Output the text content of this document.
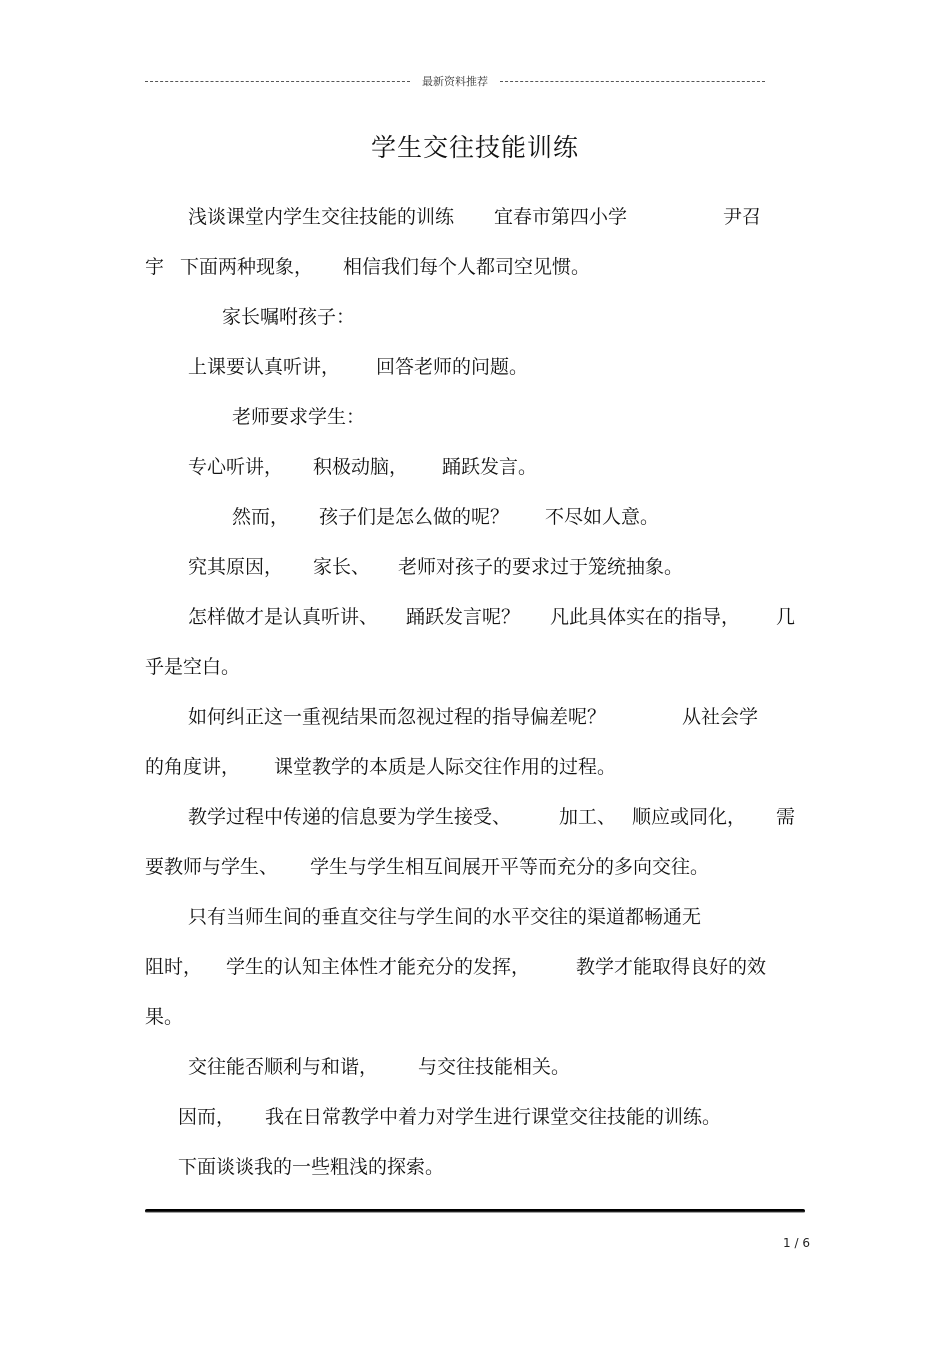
最新资料推荐
学生交往技能训练

浅谈课堂内学生交往技能的训练 宜春市第四小学	尹召

宇 下面两种现象， 相信我们每个人都司空见惯。

家长嘱咐孩子：

上课要认真听讲， 回答老师的问题。

老师要求学生：

专心听讲， 积极动脑， 踊跃发言。

然而， 孩子们是怎么做的呢？ 不尽如人意。

究其原因， 家长、 老师对孩子的要求过于笼统抽象。

怎样做才是认真听讲、 踊跃发言呢？ 凡此具体实在的指导， 几

乎是空白。

如何纠正这一重视结果而忽视过程的指导偏差呢？	从社会学

的角度讲， 课堂教学的本质是人际交往作用的过程。

教学过程中传递的信息要为学生接受、	加工、 顺应或同化， 需

要教师与学生、 学生与学生相互间展开平等而充分的多向交往。

只有当师生间的垂直交往与学生间的水平交往的渠道都畅通无

阻时， 学生的认知主体性才能充分的发挥， 教学才能取得良好的效

果。

交往能否顺利与和谐， 与交往技能相关。

因而， 我在日常教学中着力对学生进行课堂交往技能的训练。

下面谈谈我的一些粗浅的探索。

1 / 6
